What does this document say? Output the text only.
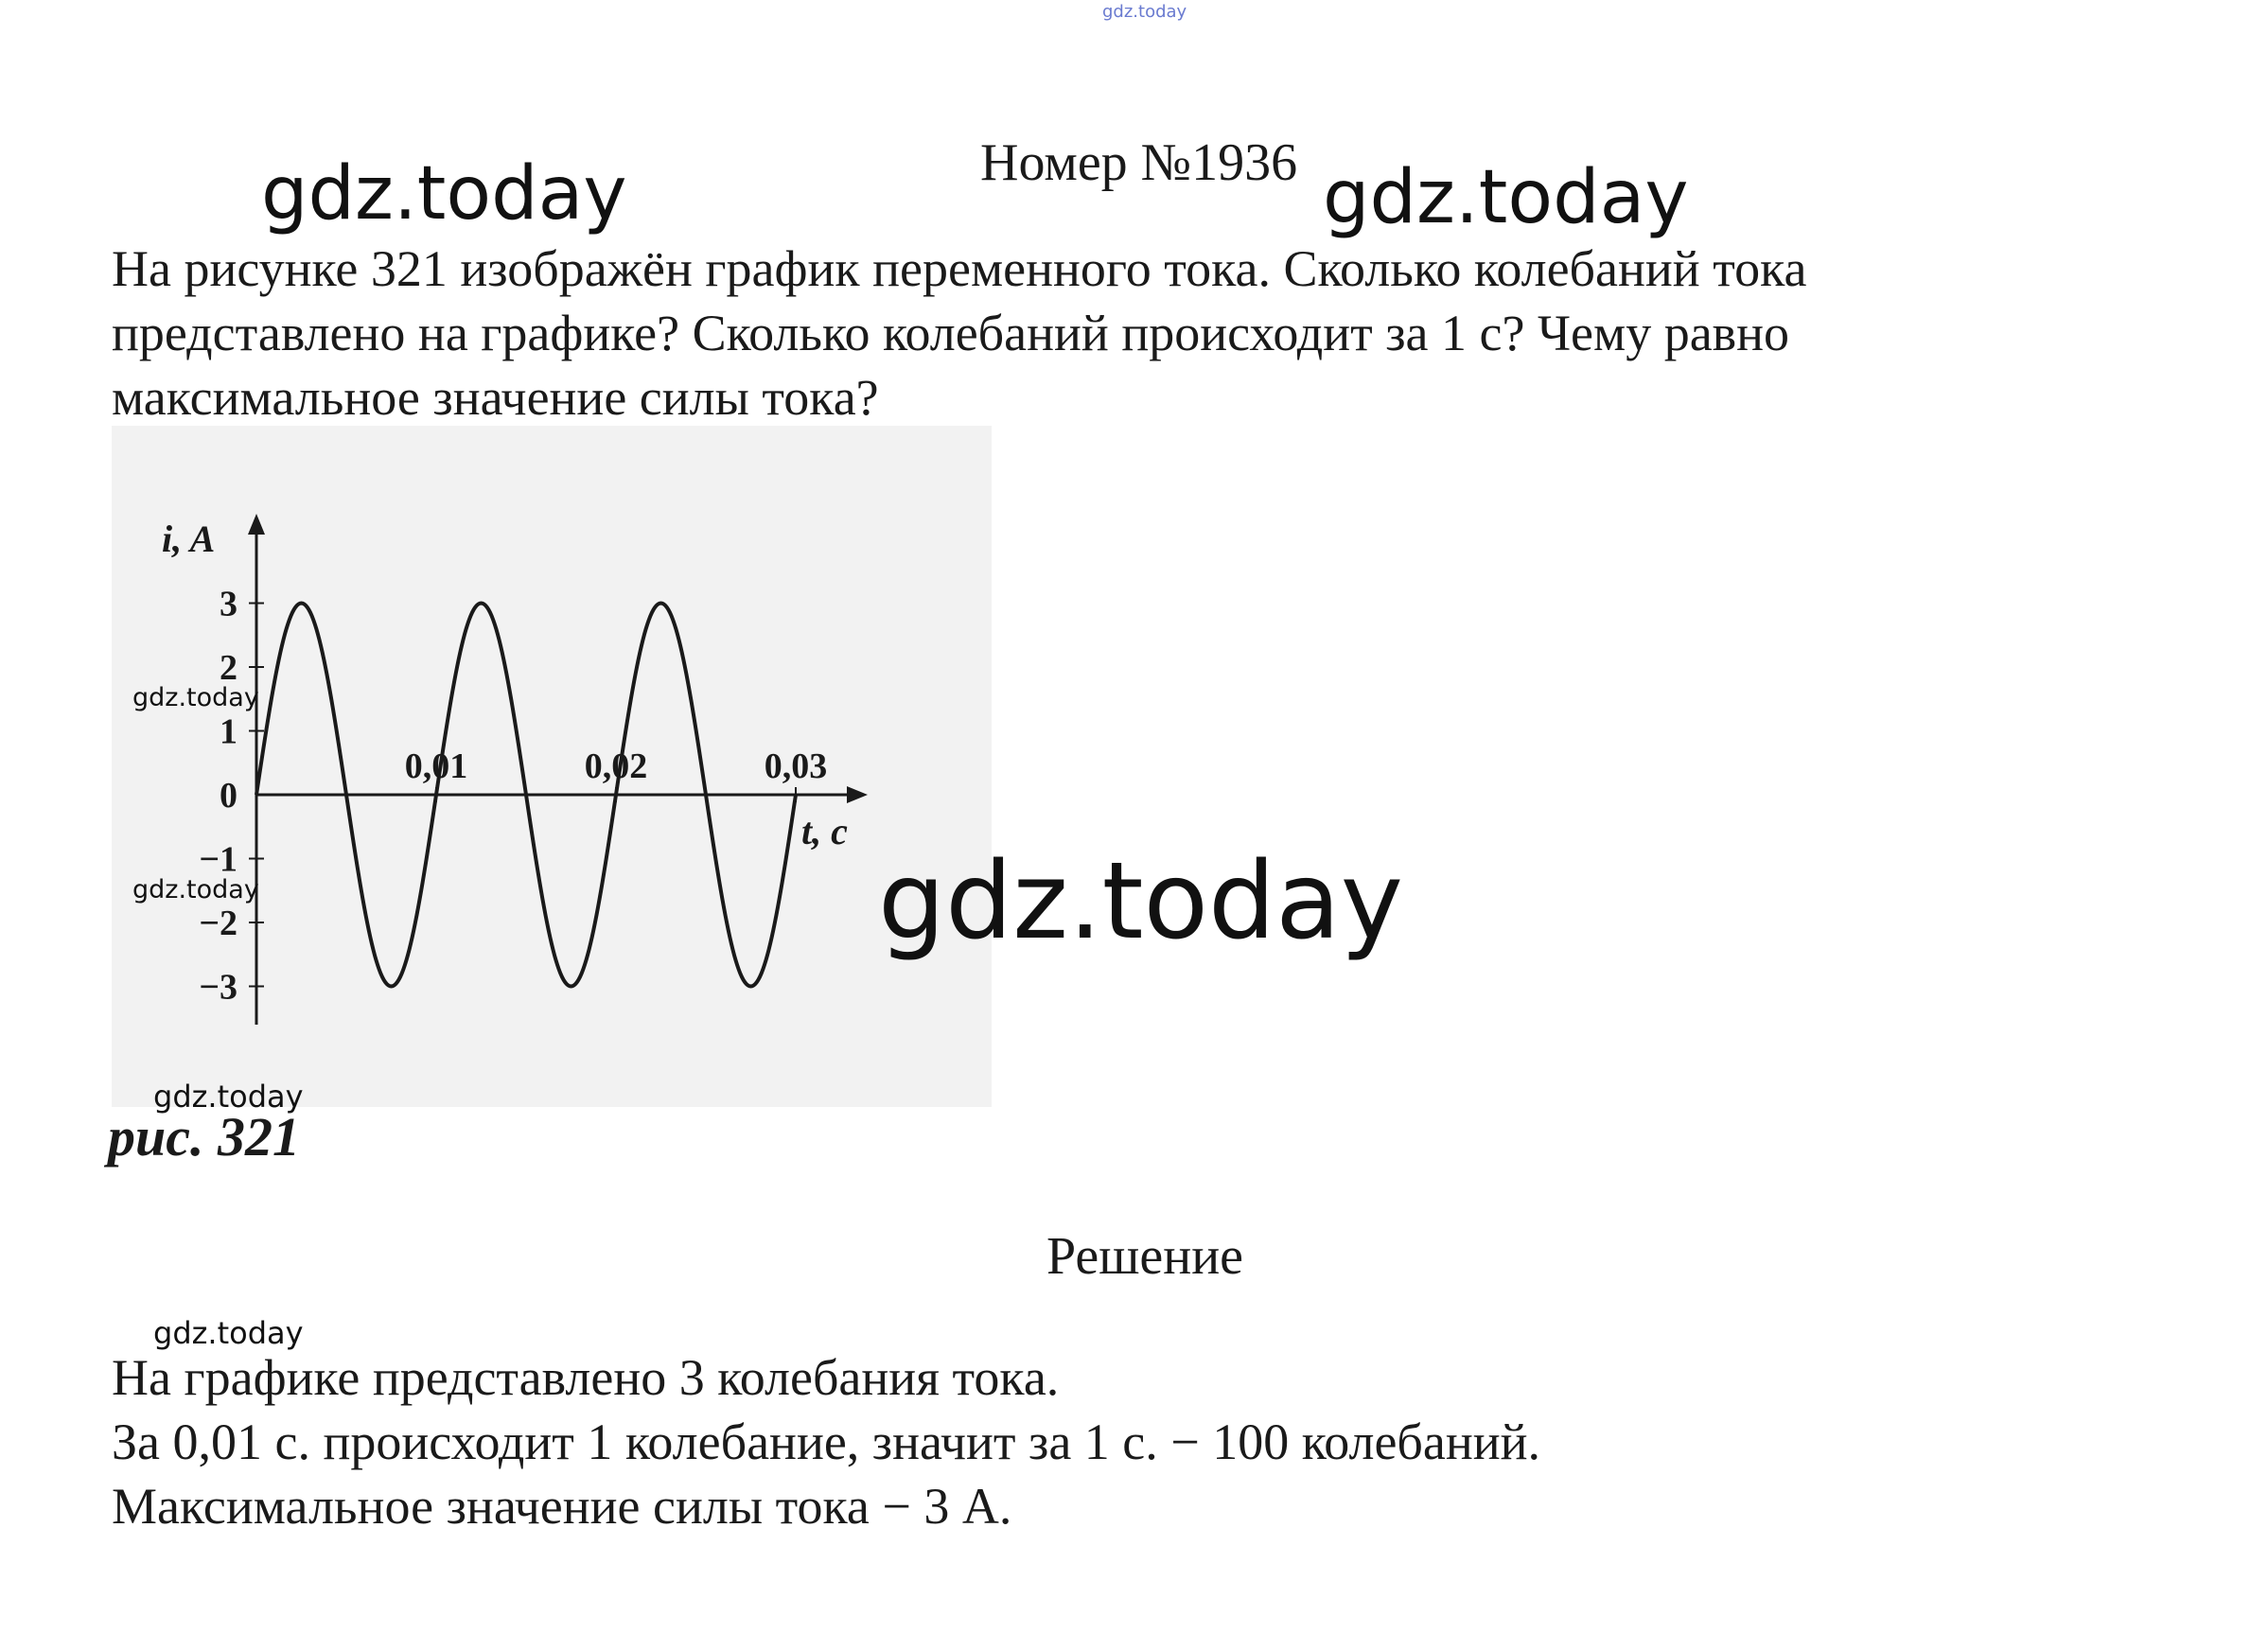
gdz.today
Номер №1936
gdz.today	gdz.today
На рисунке 321 изображён график переменного тока. Сколько колебаний тока
представлено на графике? Сколько колебаний происходит за 1 с? Чему равно
максимальное значение силы тока?
3
2
1
0
−1
−2
−3
0,01	0,02	0,03
i, A
t, c
gdz.today
gdz.today
gdz.today
gdz.today
рис. 321
Решение
gdz.today
На графике представлено 3 колебания тока.
За 0,01 с. происходит 1 колебание, значит за 1 с. − 100 колебаний.
Максимальное значение силы тока − 3 А.
